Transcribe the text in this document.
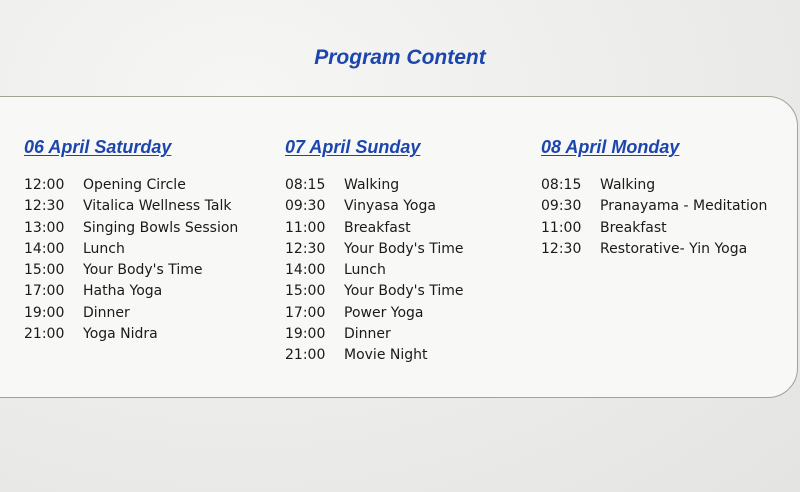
Program Content
06 April Saturday
12:00 Opening Circle
12:30 Vitalica Wellness Talk
13:00 Singing Bowls Session
14:00 Lunch
15:00 Your Body's Time
17:00 Hatha Yoga
19:00 Dinner
21:00 Yoga Nidra
07 April Sunday
08:15 Walking
09:30 Vinyasa Yoga
11:00 Breakfast
12:30 Your Body's Time
14:00 Lunch
15:00 Your Body's Time
17:00 Power Yoga
19:00 Dinner
21:00 Movie Night
08 April Monday
08:15 Walking
09:30 Pranayama - Meditation
11:00 Breakfast
12:30 Restorative- Yin Yoga
